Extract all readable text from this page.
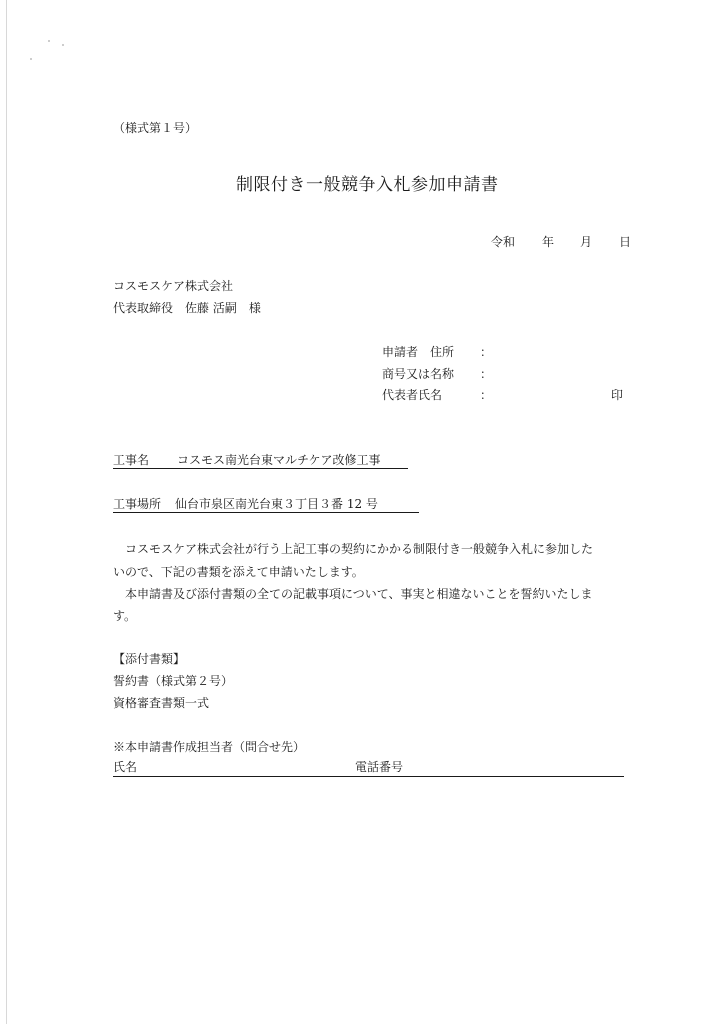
（様式第１号）
制限付き一般競争入札参加申請書
令和 年 月 日
コスモスケア株式会社
代表取締役　佐藤 活嗣　様
申請者　住所 ：
商号又は名称 ：
代表者氏名	：	印
工事名 コスモス南光台東マルチケア改修工事
工事場所 仙台市泉区南光台東３丁目３番 12 号
　コスモスケア株式会社が行う上記工事の契約にかかる制限付き一般競争入札に参加した
いので、下記の書類を添えて申請いたします。
　本申請書及び添付書類の全ての記載事項について、事実と相違ないことを誓約いたしま
す。
【添付書類】
誓約書（様式第２号）
資格審査書類一式
※本申請書作成担当者（問合せ先）
氏名	電話番号
